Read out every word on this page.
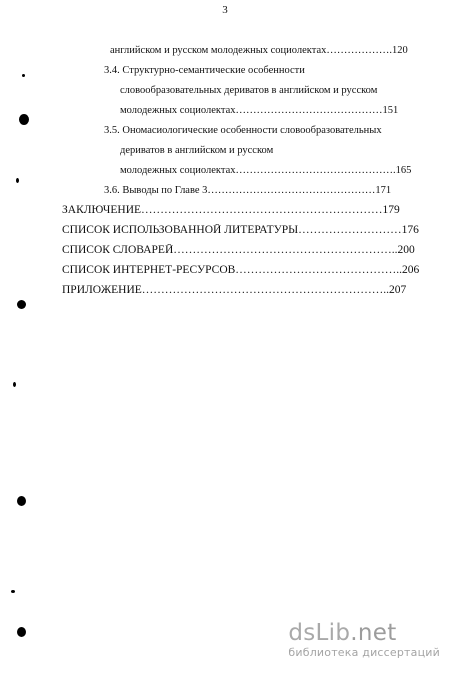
3
английском и русском молодежных социолектах……………….120
3.4. Структурно-семантические особенности
словообразовательных дериватов в английском и русском
молодежных социолектах……………………………………151
3.5. Ономасиологические особенности словообразовательных
дериватов в английском и русском
молодежных социолектах……………………………………….165
3.6. Выводы по Главе 3…………………………………………171
ЗАКЛЮЧЕНИЕ………………………………………………………179
СПИСОК ИСПОЛЬЗОВАННОЙ ЛИТЕРАТУРЫ………………………176
СПИСОК СЛОВАРЕЙ…………………………………………………..200
СПИСОК ИНТЕРНЕТ-РЕСУРСОВ……………………………………..206
ПРИЛОЖЕНИЕ………………………………………………………..207
dsLib.net
библиотека диссертаций
